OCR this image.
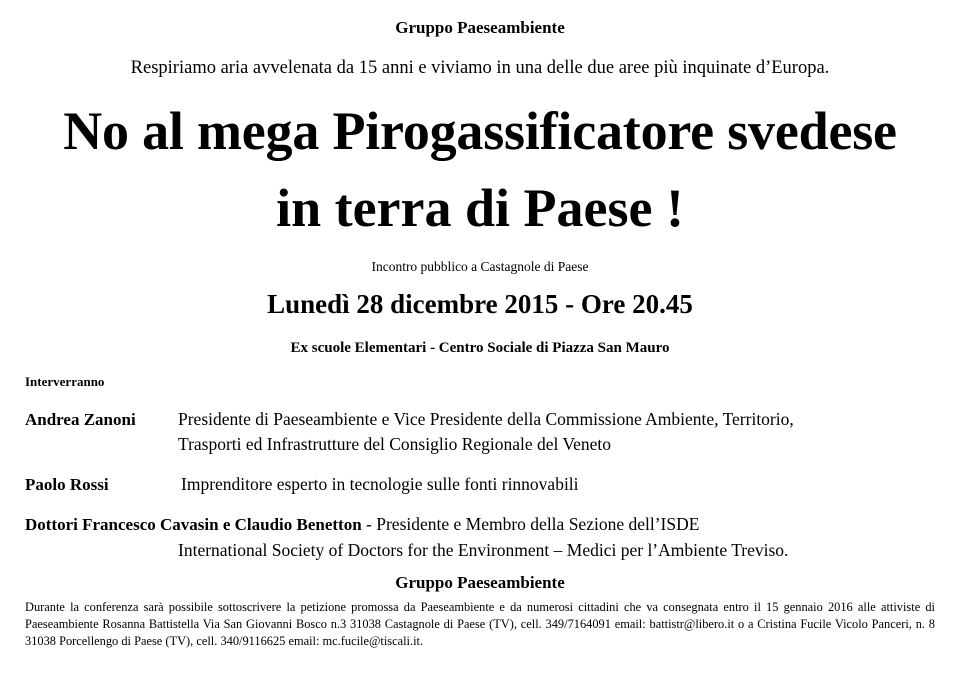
Gruppo Paeseambiente
Respiriamo aria avvelenata da 15 anni e viviamo in una delle due aree più inquinate d’Europa.
No al mega Pirogassificatore svedese
in terra di Paese !
Incontro pubblico a Castagnole di Paese
Lunedì 28 dicembre 2015 - Ore 20.45
Ex scuole Elementari - Centro Sociale di Piazza San Mauro
Interverranno
Andrea Zanoni Presidente di Paeseambiente e Vice Presidente della Commissione Ambiente, Territorio,
Trasporti ed Infrastrutture del Consiglio Regionale del Veneto
Paolo Rossi	Imprenditore esperto in tecnologie sulle fonti rinnovabili
Dottori Francesco Cavasin e Claudio Benetton - Presidente e Membro della Sezione dell’ISDE
International Society of Doctors for the Environment – Medici per l’Ambiente Treviso.
Gruppo Paeseambiente

Durante la conferenza sarà possibile sottoscrivere la petizione promossa da Paeseambiente e da numerosi cittadini che va consegnata entro il 15 gennaio 2016 alle attiviste di Paeseambiente Rosanna Battistella Via San Giovanni Bosco n.3 31038 Castagnole di Paese (TV), cell. 349/7164091 email: battistr@libero.it o a Cristina Fucile Vicolo Panceri, n. 8 31038 Porcellengo di Paese (TV), cell. 340/9116625 email: mc.fucile@tiscali.it.
